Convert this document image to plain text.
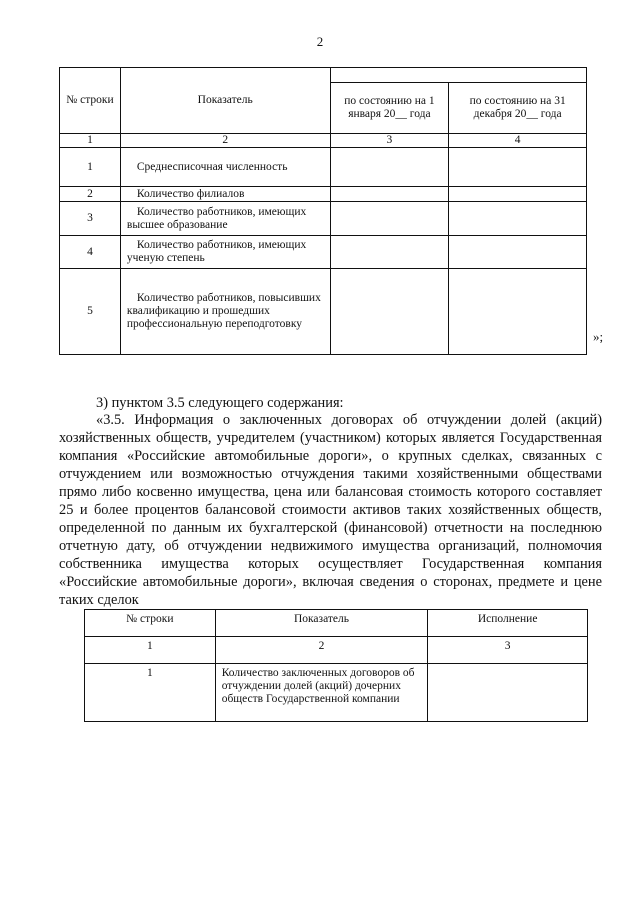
2
№ строки	Показатель		
		по состоянию на 1 января 20__ года	по состоянию на 31 декабря 20__ года
1	2	3	4
1	Среднесписочная численность		
2	Количество филиалов		
3	Количество работников, имеющих высшее образование		
4	Количество работников, имеющих ученую степень		
5	Количество работников, повысивших квалификацию и прошедших профессиональную переподготовку		
»;
3) пунктом 3.5 следующего содержания:
«3.5. Информация о заключенных договорах об отчуждении долей (акций) хозяйственных обществ, учредителем (участником) которых является Государственная компания «Российские автомобильные дороги», о крупных сделках, связанных с отчуждением или возможностью отчуждения такими хозяйственными обществами прямо либо косвенно имущества, цена или балансовая стоимость которого составляет 25 и более процентов балансовой стоимости активов таких хозяйственных обществ, определенной по данным их бухгалтерской (финансовой) отчетности на последнюю отчетную дату, об отчуждении недвижимого имущества организаций, полномочия собственника имущества которых осуществляет Государственная компания «Российские автомобильные дороги», включая сведения о сторонах, предмете и цене таких сделок
№ строки	Показатель	Исполнение
1	2	3
1	Количество заключенных договоров об отчуждении долей (акций) дочерних обществ Государственной компании	
